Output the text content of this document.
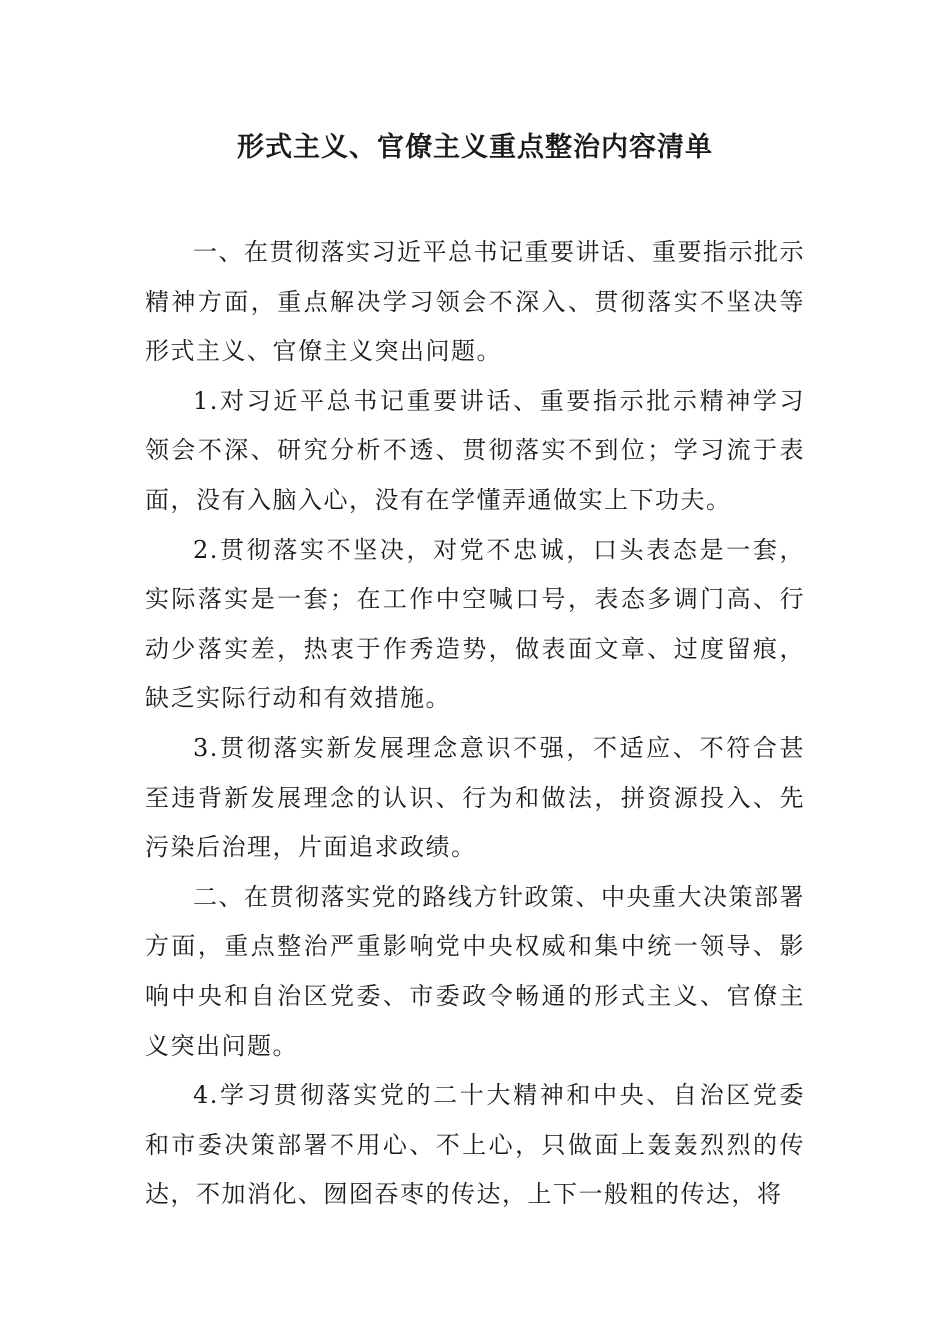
形式主义、官僚主义重点整治内容清单

一、在贯彻落实习近平总书记重要讲话、重要指示批示精神方面，重点解决学习领会不深入、贯彻落实不坚决等形式主义、官僚主义突出问题。

1.对习近平总书记重要讲话、重要指示批示精神学习领会不深、研究分析不透、贯彻落实不到位；学习流于表面，没有入脑入心，没有在学懂弄通做实上下功夫。

2.贯彻落实不坚决，对党不忠诚，口头表态是一套，实际落实是一套；在工作中空喊口号，表态多调门高、行动少落实差，热衷于作秀造势，做表面文章、过度留痕，缺乏实际行动和有效措施。

3.贯彻落实新发展理念意识不强，不适应、不符合甚至违背新发展理念的认识、行为和做法，拼资源投入、先污染后治理，片面追求政绩。

二、在贯彻落实党的路线方针政策、中央重大决策部署方面，重点整治严重影响党中央权威和集中统一领导、影响中央和自治区党委、市委政令畅通的形式主义、官僚主义突出问题。

4.学习贯彻落实党的二十大精神和中央、自治区党委和市委决策部署不用心、不上心，只做面上轰轰烈烈的传达，不加消化、囫囵吞枣的传达，上下一般粗的传达，将
